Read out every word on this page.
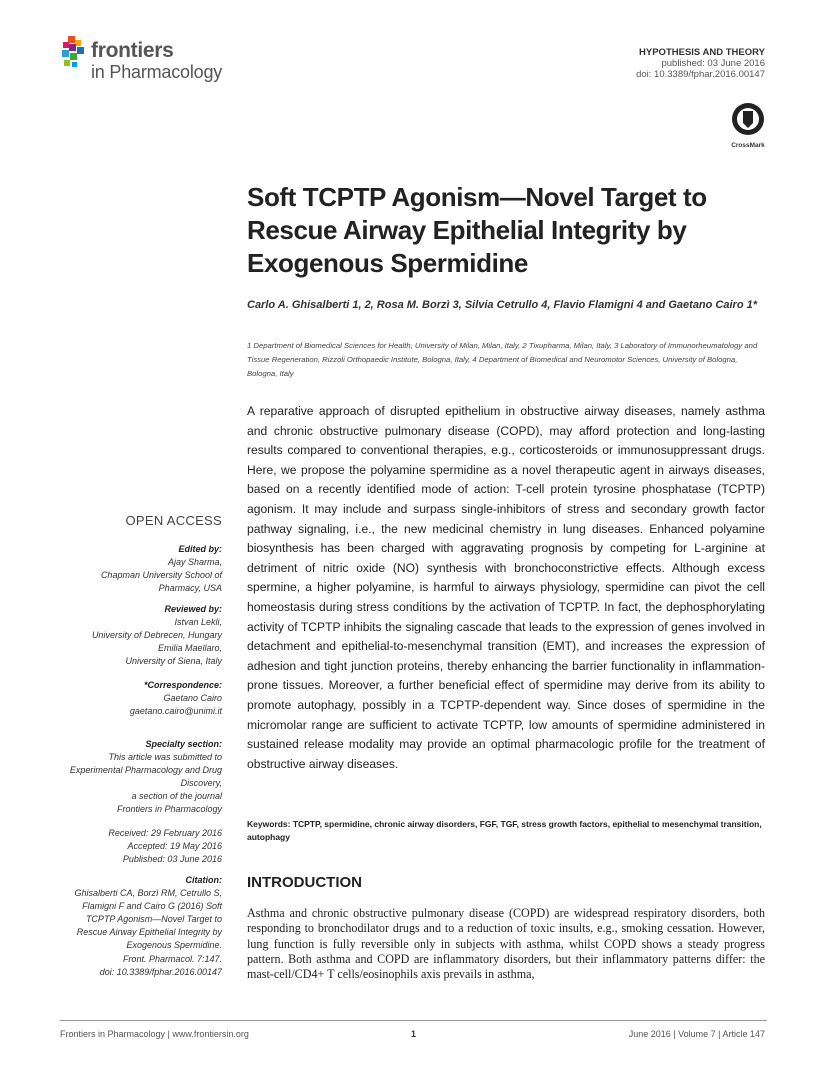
frontiers
in Pharmacology
HYPOTHESIS AND THEORY
published: 03 June 2016
doi: 10.3389/fphar.2016.00147
CrossMark
Soft TCPTP Agonism—Novel Target to Rescue Airway Epithelial Integrity by Exogenous Spermidine
Carlo A. Ghisalberti 1, 2, Rosa M. Borzì 3, Silvia Cetrullo 4, Flavio Flamigni 4 and Gaetano Cairo 1*
1 Department of Biomedical Sciences for Health, University of Milan, Milan, Italy, 2 Tixupharma, Milan, Italy, 3 Laboratory of Immunorheumatology and Tissue Regeneration, Rizzoli Orthopaedic Institute, Bologna, Italy, 4 Department of Biomedical and Neuromotor Sciences, University of Bologna, Bologna, Italy
A reparative approach of disrupted epithelium in obstructive airway diseases, namely asthma and chronic obstructive pulmonary disease (COPD), may afford protection and long-lasting results compared to conventional therapies, e.g., corticosteroids or immunosuppressant drugs. Here, we propose the polyamine spermidine as a novel therapeutic agent in airways diseases, based on a recently identified mode of action: T-cell protein tyrosine phosphatase (TCPTP) agonism. It may include and surpass single-inhibitors of stress and secondary growth factor pathway signaling, i.e., the new medicinal chemistry in lung diseases. Enhanced polyamine biosynthesis has been charged with aggravating prognosis by competing for L-arginine at detriment of nitric oxide (NO) synthesis with bronchoconstrictive effects. Although excess spermine, a higher polyamine, is harmful to airways physiology, spermidine can pivot the cell homeostasis during stress conditions by the activation of TCPTP. In fact, the dephosphorylating activity of TCPTP inhibits the signaling cascade that leads to the expression of genes involved in detachment and epithelial-to-mesenchymal transition (EMT), and increases the expression of adhesion and tight junction proteins, thereby enhancing the barrier functionality in inflammation-prone tissues. Moreover, a further beneficial effect of spermidine may derive from its ability to promote autophagy, possibly in a TCPTP-dependent way. Since doses of spermidine in the micromolar range are sufficient to activate TCPTP, low amounts of spermidine administered in sustained release modality may provide an optimal pharmacologic profile for the treatment of obstructive airway diseases.
Keywords: TCPTP, spermidine, chronic airway disorders, FGF, TGF, stress growth factors, epithelial to mesenchymal transition, autophagy
INTRODUCTION
Asthma and chronic obstructive pulmonary disease (COPD) are widespread respiratory disorders, both responding to bronchodilator drugs and to a reduction of toxic insults, e.g., smoking cessation. However, lung function is fully reversible only in subjects with asthma, whilst COPD shows a steady progress pattern. Both asthma and COPD are inflammatory disorders, but their inflammatory patterns differ: the mast-cell/CD4+ T cells/eosinophils axis prevails in asthma,
OPEN ACCESS
Edited by:
Ajay Sharma,
Chapman University School of
Pharmacy, USA
Reviewed by:
Istvan Lekli,
University of Debrecen, Hungary
Emilia Maellaro,
University of Siena, Italy
*Correspondence:
Gaetano Cairo
gaetano.cairo@unimi.it
Specialty section:
This article was submitted to
Experimental Pharmacology and Drug
Discovery,
a section of the journal
Frontiers in Pharmacology
Received: 29 February 2016
Accepted: 19 May 2016
Published: 03 June 2016
Citation:
Ghisalberti CA, Borzì RM, Cetrullo S,
Flamigni F and Cairo G (2016) Soft
TCPTP Agonism—Novel Target to
Rescue Airway Epithelial Integrity by
Exogenous Spermidine.
Front. Pharmacol. 7:147.
doi: 10.3389/fphar.2016.00147
Frontiers in Pharmacology | www.frontiersin.org	1	June 2016 | Volume 7 | Article 147
